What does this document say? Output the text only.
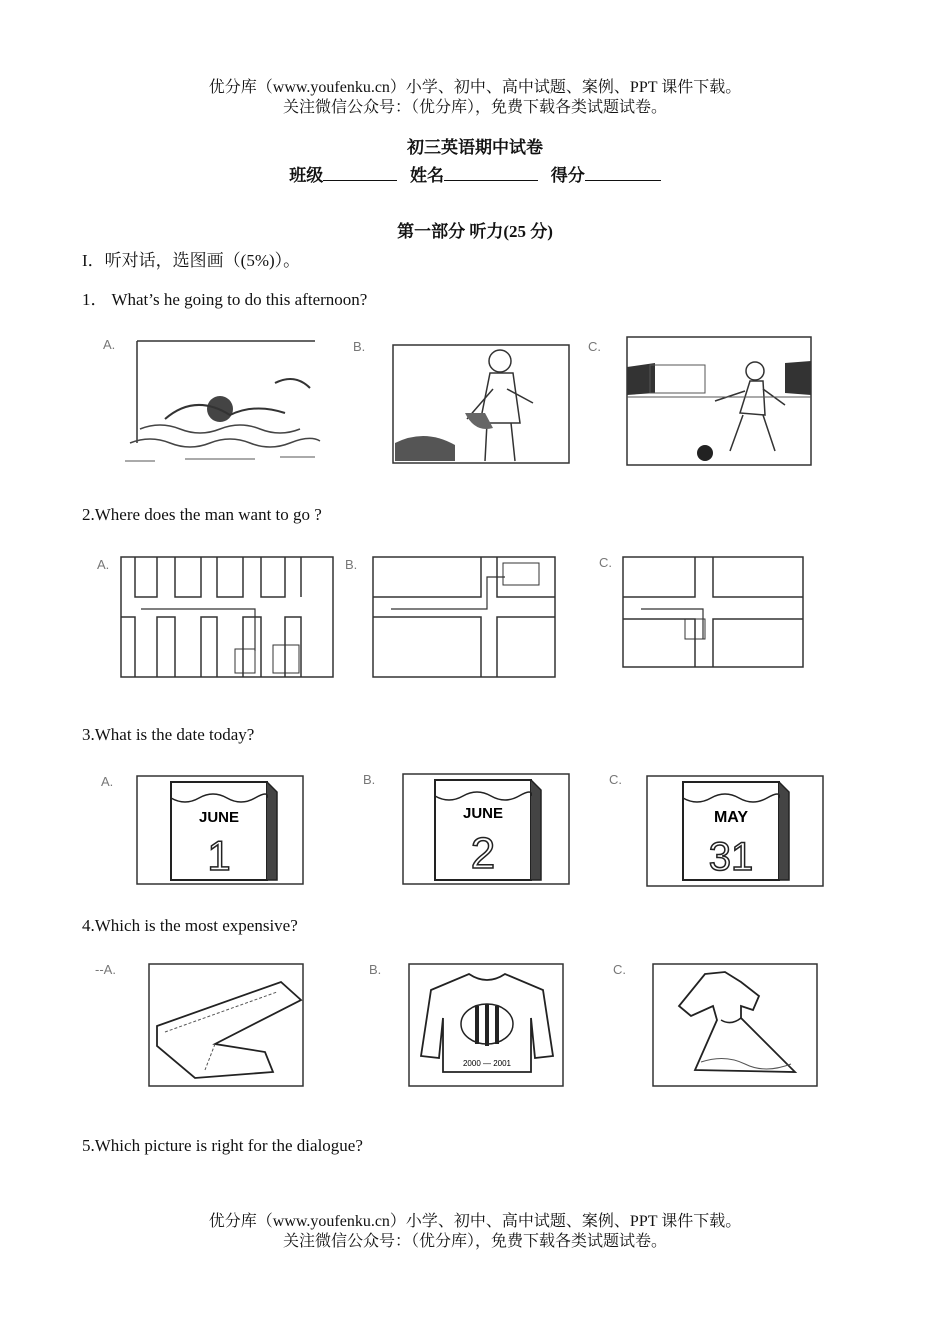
优分库（www.youfenku.cn）小学、初中、高中试题、案例、PPT 课件下载。
关注微信公众号：（优分库），免费下载各类试题试卷。
初三英语期中试卷
班级	姓名	得分
第一部分 听力(25 分)
I．听对话，选图画（(5%)）。
1． What’s he going to do this afternoon?
A.	B.	C.
2.Where does the man want to go ?
A.	B.	C.
3.What is the date today?
A.
JUNE
1
B.
JUNE
2
C.
MAY
31
4.Which is the most expensive?
--A.	B.
2000 — 2001
C.
5.Which picture is right for the dialogue?
优分库（www.youfenku.cn）小学、初中、高中试题、案例、PPT 课件下载。
关注微信公众号：（优分库），免费下载各类试题试卷。
